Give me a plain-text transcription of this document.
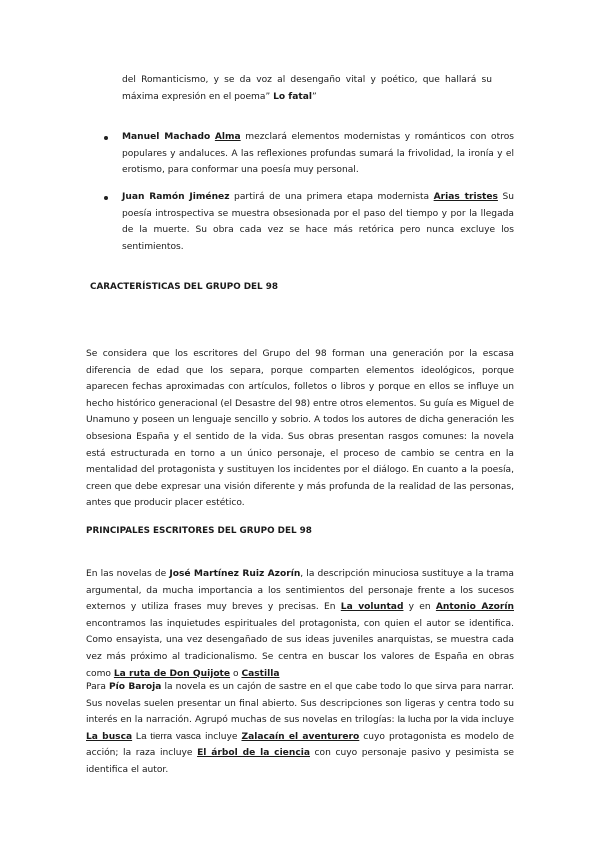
del Romanticismo, y se da voz al desengaño vital y poético, que hallará su máxima expresión en el poema” Lo fatal”

Manuel Machado Alma mezclará elementos modernistas y románticos con otros populares y andaluces. A las reflexiones profundas sumará la frivolidad, la ironía y el erotismo, para conformar una poesía muy personal.

Juan Ramón Jiménez partirá de una primera etapa modernista Arias tristes Su poesía introspectiva se muestra obsesionada por el paso del tiempo y por la llegada de la muerte. Su obra cada vez se hace más retórica pero nunca excluye los sentimientos.

CARACTERÍSTICAS DEL GRUPO DEL 98

Se considera que los escritores del Grupo del 98 forman una generación por la escasa diferencia de edad que los separa, porque comparten elementos ideológicos, porque aparecen fechas aproximadas con artículos, folletos o libros y porque en ellos se influye un hecho histórico generacional (el Desastre del 98) entre otros elementos. Su guía es Miguel de Unamuno y poseen un lenguaje sencillo y sobrio. A todos los autores de dicha generación les obsesiona España y el sentido de la vida. Sus obras presentan rasgos comunes: la novela está estructurada en torno a un único personaje, el proceso de cambio se centra en la mentalidad del protagonista y sustituyen los incidentes por el diálogo. En cuanto a la poesía, creen que debe expresar una visión diferente y más profunda de la realidad de las personas, antes que producir placer estético.

PRINCIPALES ESCRITORES DEL GRUPO DEL 98

En las novelas de José Martínez Ruiz Azorín, la descripción minuciosa sustituye a la trama argumental, da mucha importancia a los sentimientos del personaje frente a los sucesos externos y utiliza frases muy breves y precisas. En La voluntad y en Antonio Azorín encontramos las inquietudes espirituales del protagonista, con quien el autor se identifica. Como ensayista, una vez desengañado de sus ideas juveniles anarquistas, se muestra cada vez más próximo al tradicionalismo. Se centra en buscar los valores de España en obras como La ruta de Don Quijote o Castilla

Para Pío Baroja la novela es un cajón de sastre en el que cabe todo lo que sirva para narrar. Sus novelas suelen presentar un final abierto. Sus descripciones son ligeras y centra todo su interés en la narración. Agrupó muchas de sus novelas en trilogías: la lucha por la vida incluye La busca La tierra vasca incluye Zalacaín el aventurero cuyo protagonista es modelo de acción; la raza incluye El árbol de la ciencia con cuyo personaje pasivo y pesimista se identifica el autor.
